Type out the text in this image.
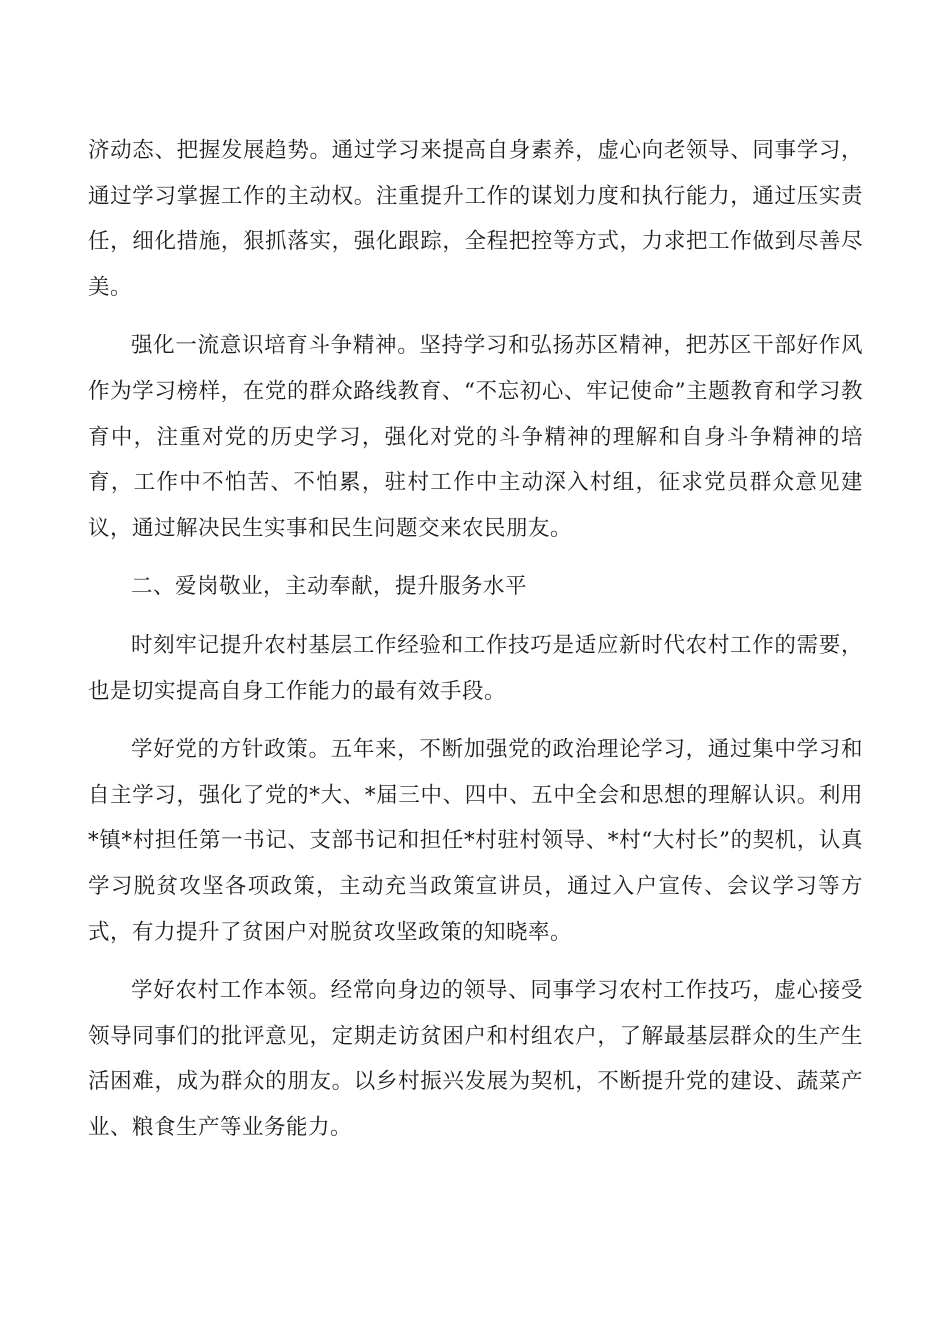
济动态、把握发展趋势。通过学习来提高自身素养，虚心向老领导、同事学习，通过学习掌握工作的主动权。注重提升工作的谋划力度和执行能力，通过压实责任，细化措施，狠抓落实，强化跟踪，全程把控等方式，力求把工作做到尽善尽美。

强化一流意识培育斗争精神。坚持学习和弘扬苏区精神，把苏区干部好作风作为学习榜样，在党的群众路线教育、“不忘初心、牢记使命”主题教育和学习教育中，注重对党的历史学习，强化对党的斗争精神的理解和自身斗争精神的培育，工作中不怕苦、不怕累，驻村工作中主动深入村组，征求党员群众意见建议，通过解决民生实事和民生问题交来农民朋友。

二、爱岗敬业，主动奉献，提升服务水平

时刻牢记提升农村基层工作经验和工作技巧是适应新时代农村工作的需要，也是切实提高自身工作能力的最有效手段。

学好党的方针政策。五年来，不断加强党的政治理论学习，通过集中学习和自主学习，强化了党的*大、*届三中、四中、五中全会和思想的理解认识。利用*镇*村担任第一书记、支部书记和担任*村驻村领导、*村“大村长”的契机，认真学习脱贫攻坚各项政策，主动充当政策宣讲员，通过入户宣传、会议学习等方式，有力提升了贫困户对脱贫攻坚政策的知晓率。

学好农村工作本领。经常向身边的领导、同事学习农村工作技巧，虚心接受领导同事们的批评意见，定期走访贫困户和村组农户，了解最基层群众的生产生活困难，成为群众的朋友。以乡村振兴发展为契机，不断提升党的建设、蔬菜产业、粮食生产等业务能力。
